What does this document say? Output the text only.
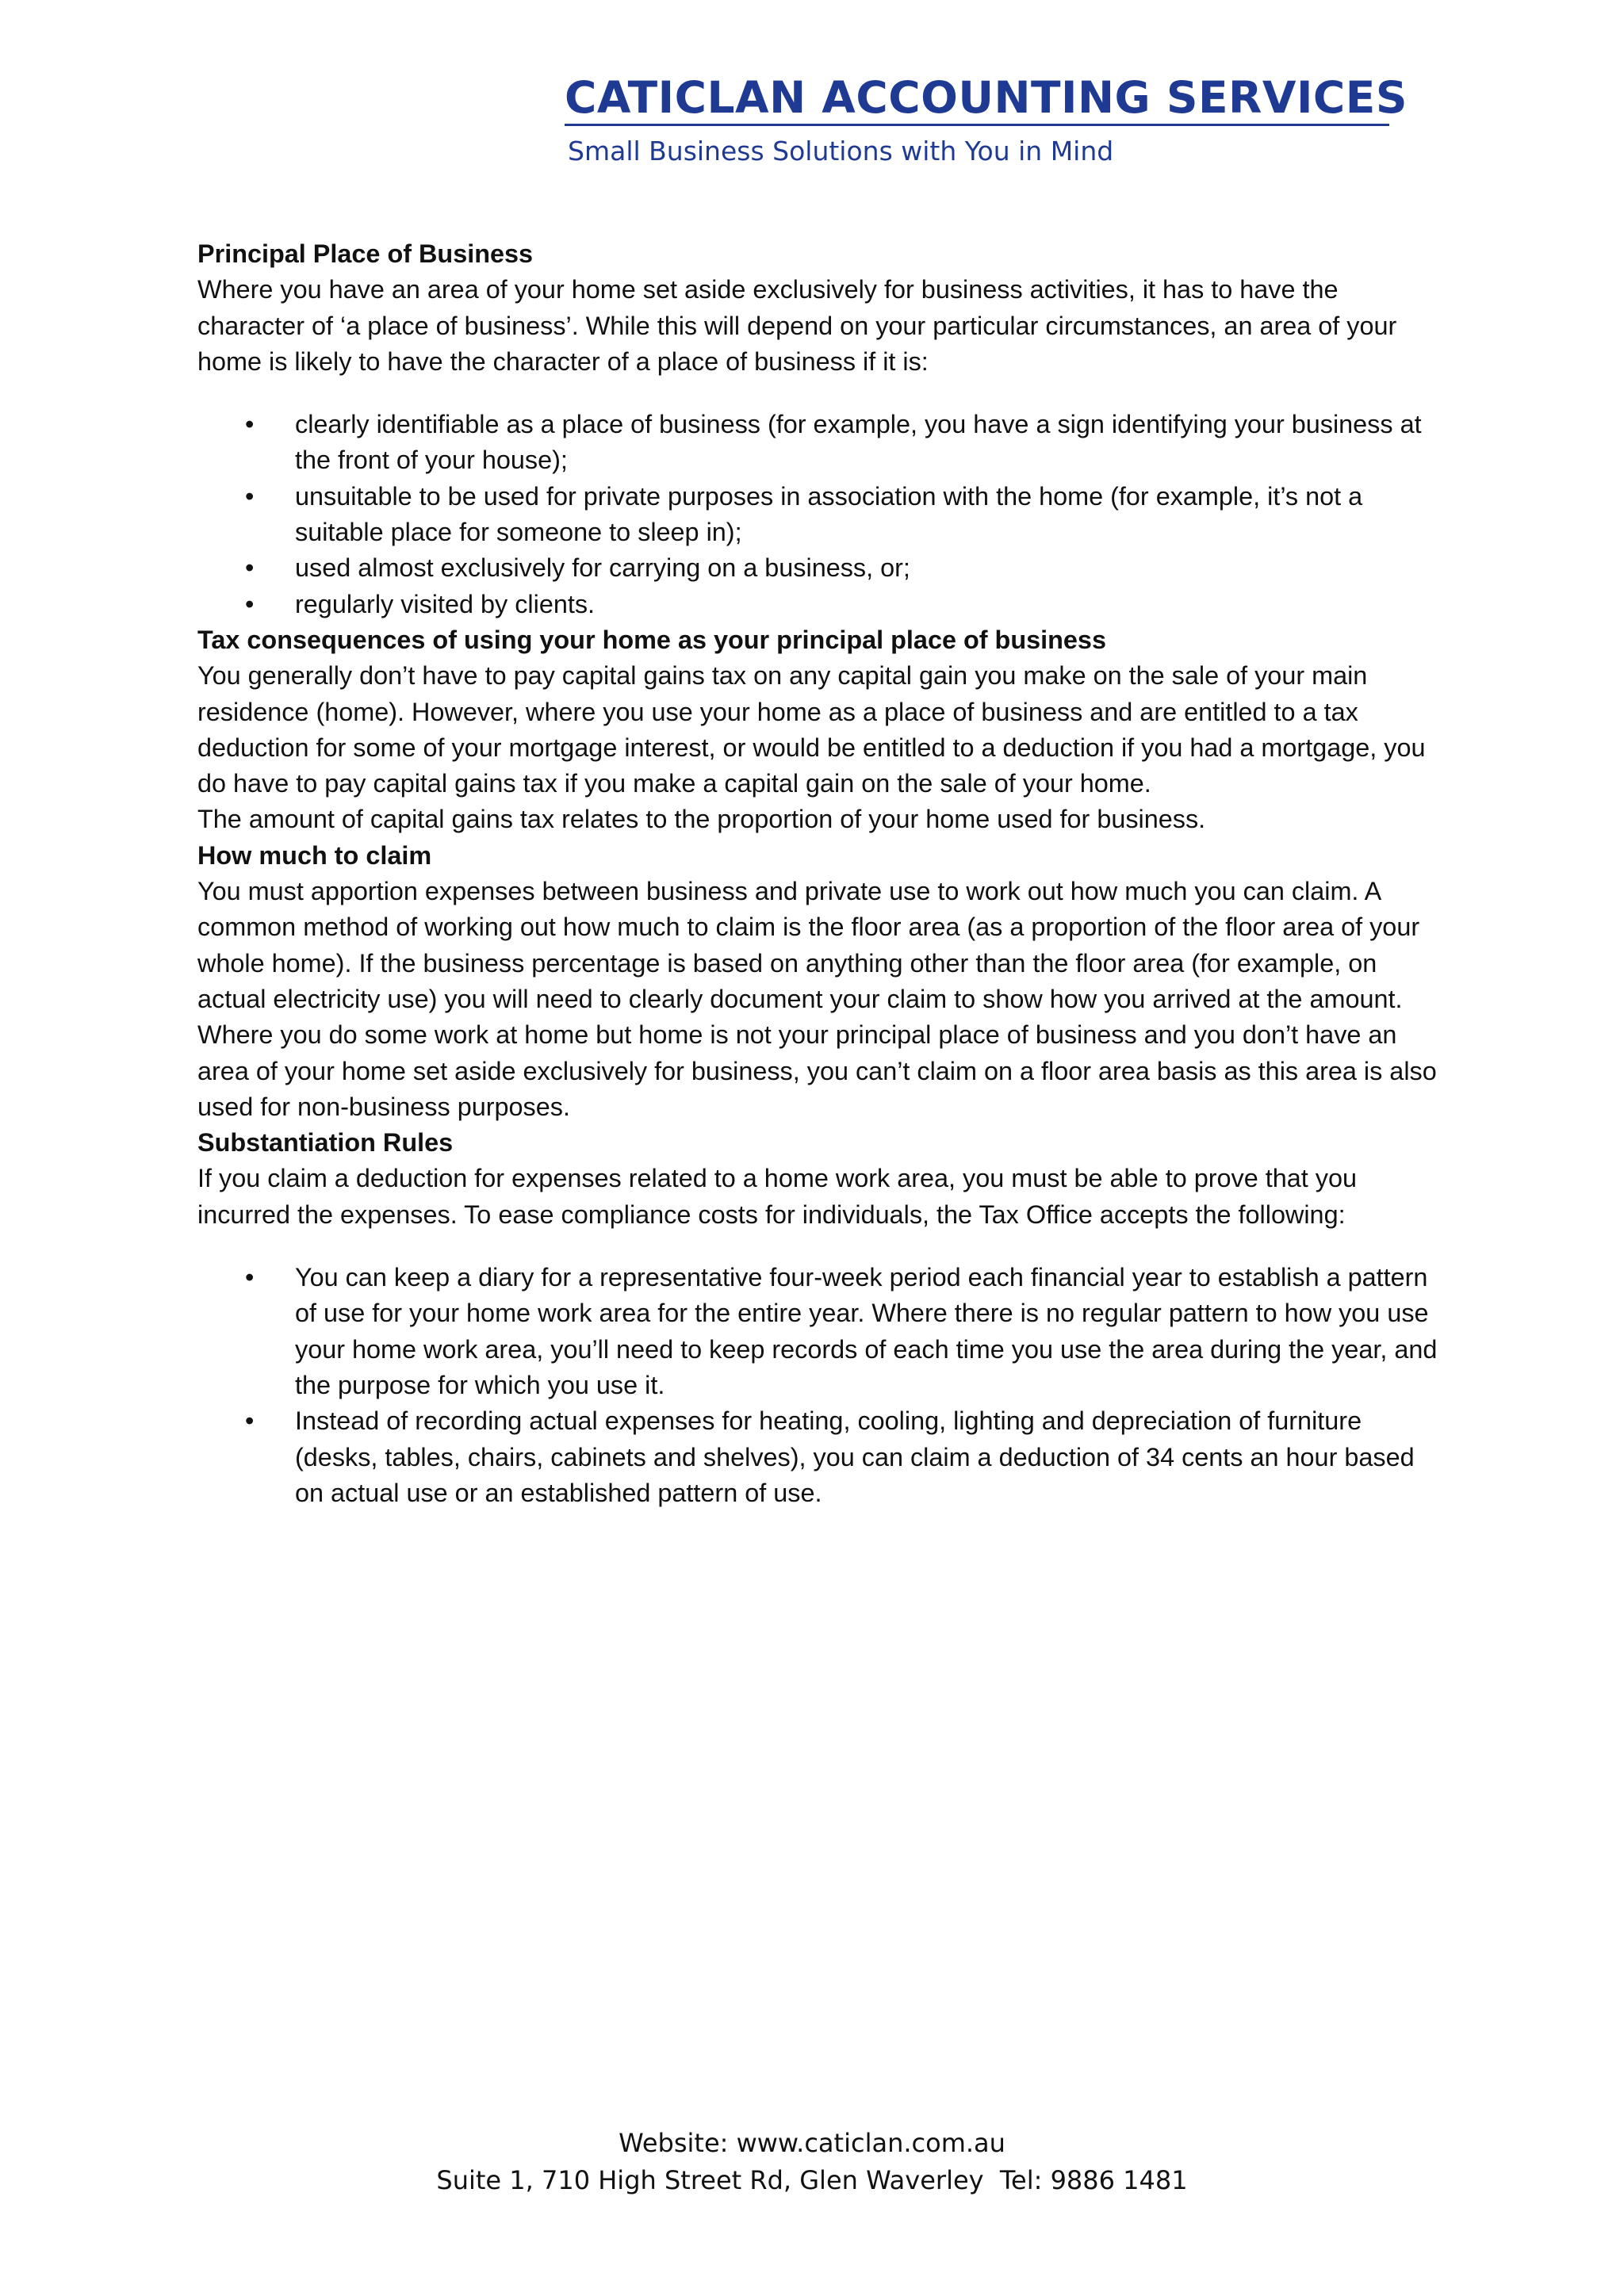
CATICLAN ACCOUNTING SERVICES
Small Business Solutions with You in Mind

Principal Place of Business

Where you have an area of your home set aside exclusively for business activities, it has to have the character of ‘a place of business’. While this will depend on your particular circumstances, an area of your home is likely to have the character of a place of business if it is:

• clearly identifiable as a place of business (for example, you have a sign identifying your business at the front of your house);
• unsuitable to be used for private purposes in association with the home (for example, it’s not a suitable place for someone to sleep in);
• used almost exclusively for carrying on a business, or;
• regularly visited by clients.

Tax consequences of using your home as your principal place of business

You generally don’t have to pay capital gains tax on any capital gain you make on the sale of your main residence (home). However, where you use your home as a place of business and are entitled to a tax deduction for some of your mortgage interest, or would be entitled to a deduction if you had a mortgage, you do have to pay capital gains tax if you make a capital gain on the sale of your home.

The amount of capital gains tax relates to the proportion of your home used for business.

How much to claim

You must apportion expenses between business and private use to work out how much you can claim. A common method of working out how much to claim is the floor area (as a proportion of the floor area of your whole home). If the business percentage is based on anything other than the floor area (for example, on actual electricity use) you will need to clearly document your claim to show how you arrived at the amount.

Where you do some work at home but home is not your principal place of business and you don’t have an area of your home set aside exclusively for business, you can’t claim on a floor area basis as this area is also used for non-business purposes.

Substantiation Rules

If you claim a deduction for expenses related to a home work area, you must be able to prove that you incurred the expenses. To ease compliance costs for individuals, the Tax Office accepts the following:

• You can keep a diary for a representative four-week period each financial year to establish a pattern of use for your home work area for the entire year. Where there is no regular pattern to how you use your home work area, you’ll need to keep records of each time you use the area during the year, and the purpose for which you use it.
• Instead of recording actual expenses for heating, cooling, lighting and depreciation of furniture (desks, tables, chairs, cabinets and shelves), you can claim a deduction of 34 cents an hour based on actual use or an established pattern of use.
Website: www.caticlan.com.au
Suite 1, 710 High Street Rd, Glen Waverley  Tel: 9886 1481
